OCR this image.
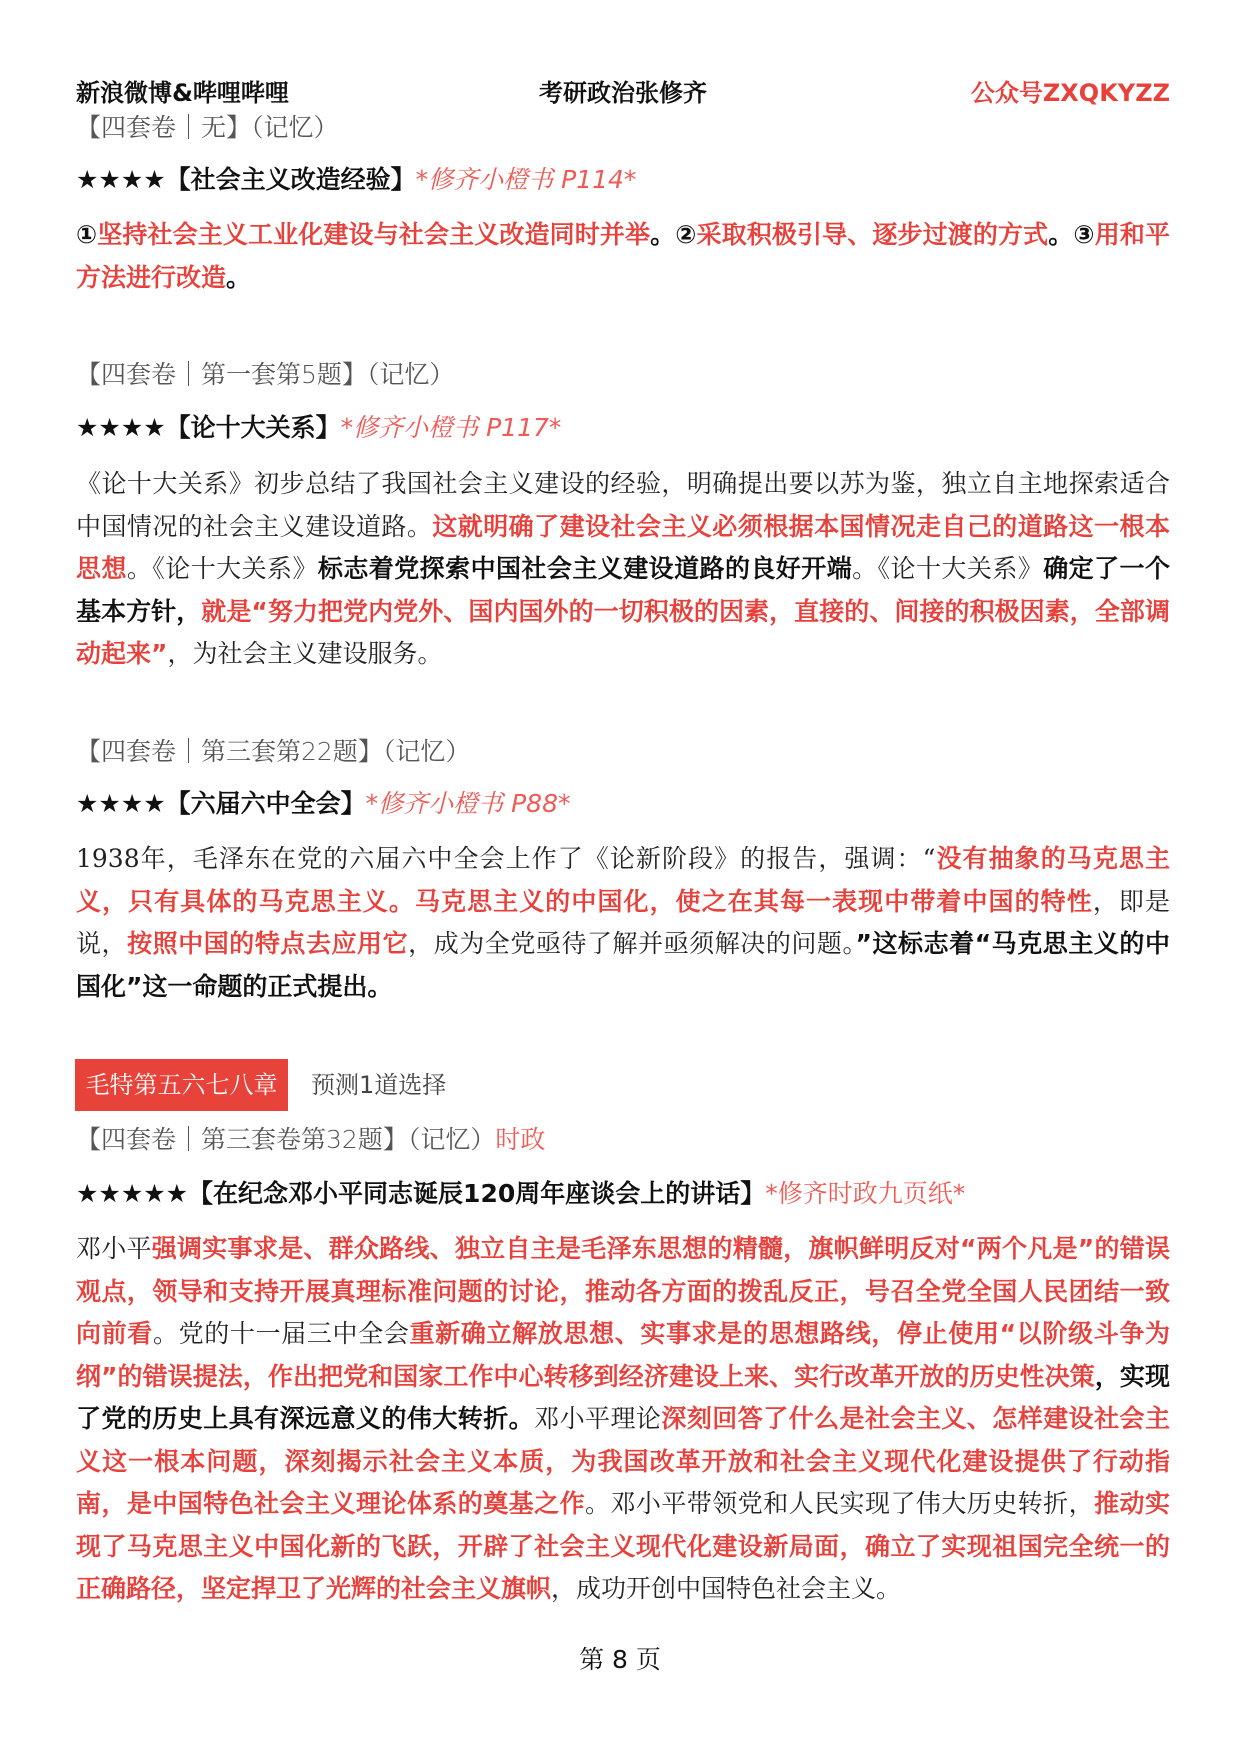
新浪微博&哔哩哔哩	考研政治张修齐	公众号ZXQKYZZ
【四套卷｜无】（记忆）
★★★★【社会主义改造经验】*修齐小橙书 P114*
①坚持社会主义工业化建设与社会主义改造同时并举。②采取积极引导、逐步过渡的方式。③用和平方法进行改造。
【四套卷｜第一套第5题】（记忆）
★★★★【论十大关系】*修齐小橙书 P117*
《论十大关系》初步总结了我国社会主义建设的经验，明确提出要以苏为鉴，独立自主地探索适合中国情况的社会主义建设道路。这就明确了建设社会主义必须根据本国情况走自己的道路这一根本思想。《论十大关系》标志着党探索中国社会主义建设道路的良好开端。《论十大关系》确定了一个基本方针，就是“努力把党内党外、国内国外的一切积极的因素，直接的、间接的积极因素，全部调动起来”，为社会主义建设服务。
【四套卷｜第三套第22题】（记忆）
★★★★【六届六中全会】*修齐小橙书 P88*
1938年，毛泽东在党的六届六中全会上作了《论新阶段》的报告，强调：“没有抽象的马克思主义，只有具体的马克思主义。马克思主义的中国化，使之在其每一表现中带着中国的特性，即是说，按照中国的特点去应用它，成为全党亟待了解并亟须解决的问题。”这标志着“马克思主义的中国化”这一命题的正式提出。
毛特第五六七八章	预测1道选择
【四套卷｜第三套卷第32题】（记忆）时政
★★★★★【在纪念邓小平同志诞辰120周年座谈会上的讲话】*修齐时政九页纸*
邓小平强调实事求是、群众路线、独立自主是毛泽东思想的精髓，旗帜鲜明反对“两个凡是”的错误观点，领导和支持开展真理标准问题的讨论，推动各方面的拨乱反正，号召全党全国人民团结一致向前看。党的十一届三中全会重新确立解放思想、实事求是的思想路线，停止使用“以阶级斗争为纲”的错误提法，作出把党和国家工作中心转移到经济建设上来、实行改革开放的历史性决策，实现了党的历史上具有深远意义的伟大转折。邓小平理论深刻回答了什么是社会主义、怎样建设社会主义这一根本问题，深刻揭示社会主义本质，为我国改革开放和社会主义现代化建设提供了行动指南，是中国特色社会主义理论体系的奠基之作。邓小平带领党和人民实现了伟大历史转折，推动实现了马克思主义中国化新的飞跃，开辟了社会主义现代化建设新局面，确立了实现祖国完全统一的正确路径，坚定捍卫了光辉的社会主义旗帜，成功开创中国特色社会主义。
第 8 页
